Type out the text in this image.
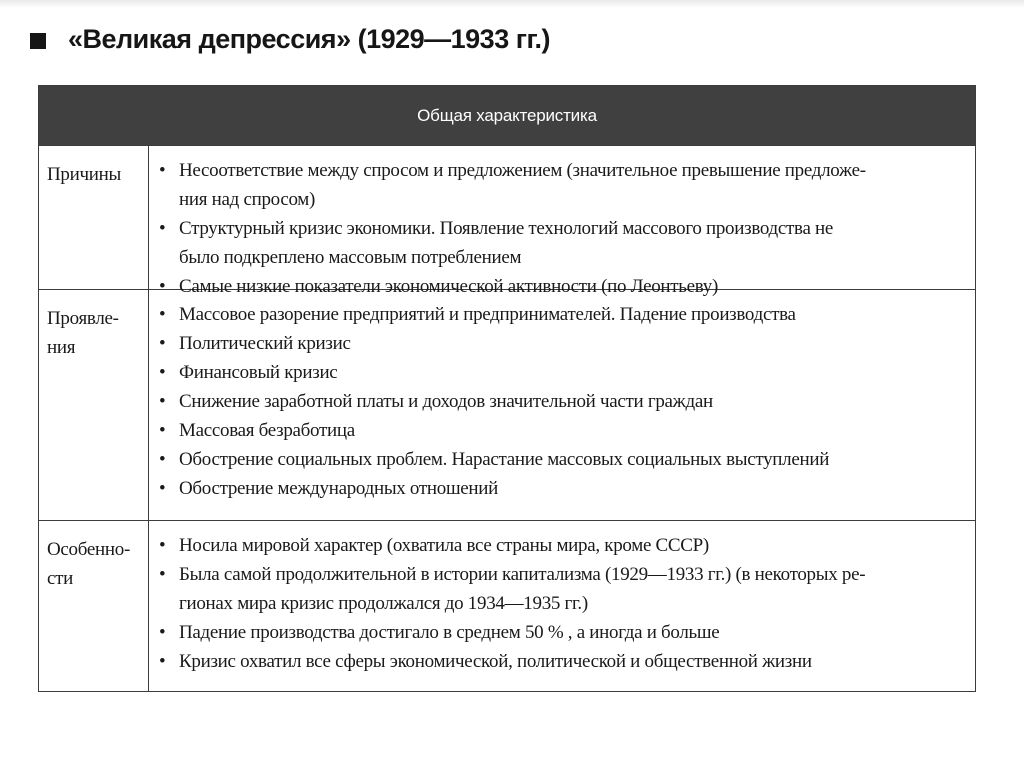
«Великая депрессия» (1929—1933 гг.)
Общая характеристика
Причины	• Несоответствие между спросом и предложением (значительное превышение предложе-
ния над спросом)
• Структурный кризис экономики. Появление технологий массового производства не
было подкреплено массовым потреблением
• Самые низкие показатели экономической активности (по Леонтьеву)
Проявле-
ния
• Массовое разорение предприятий и предпринимателей. Падение производства
• Политический кризис
• Финансовый кризис
• Снижение заработной платы и доходов значительной части граждан
• Массовая безработица
• Обострение социальных проблем. Нарастание массовых социальных выступлений
• Обострение международных отношений
Особенно-
сти
• Носила мировой характер (охватила все страны мира, кроме СССР)
• Была самой продолжительной в истории капитализма (1929—1933 гг.) (в некоторых ре-
гионах мира кризис продолжался до 1934—1935 гг.)
• Падение производства достигало в среднем 50 % , а иногда и больше
• Кризис охватил все сферы экономической, политической и общественной жизни
